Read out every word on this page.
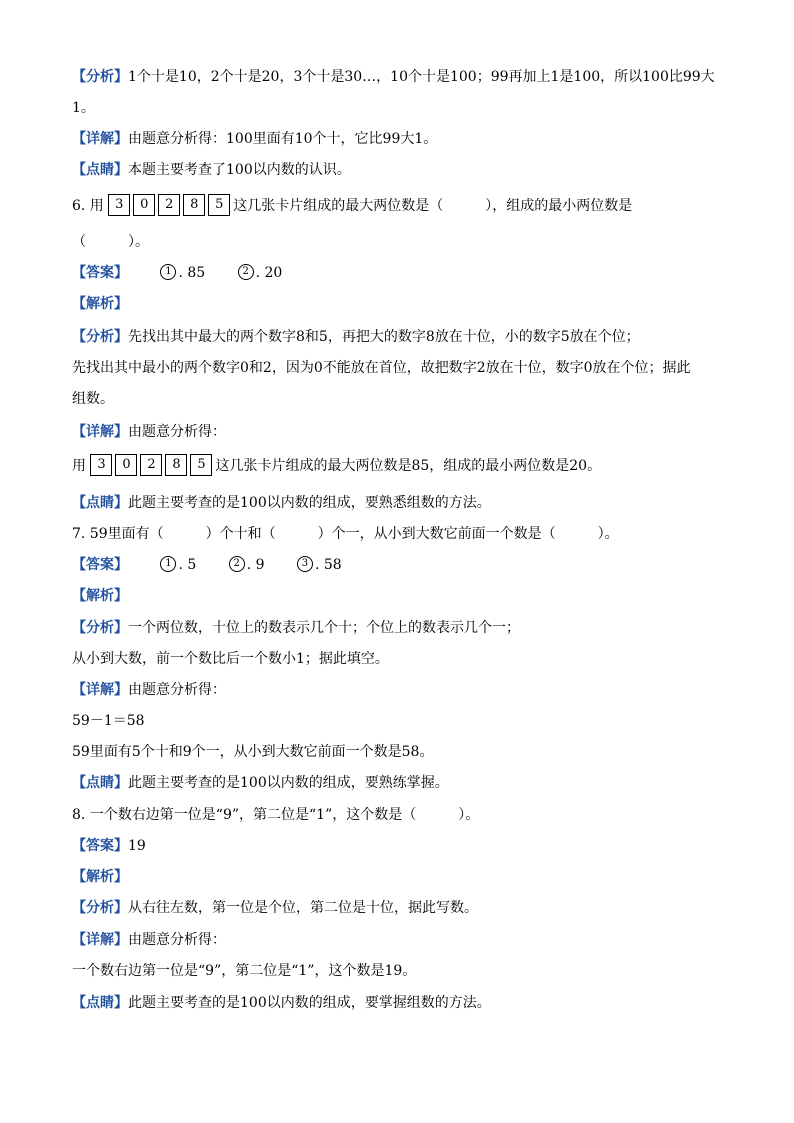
【分析】1个十是10，2个十是20，3个十是30…，10个十是100；99再加上1是100，所以100比99大
1。
【详解】由题意分析得：100里面有10个十，它比99大1。
【点睛】本题主要考查了100以内数的认识。
6. 用 3 0 2 8 5 这几张卡片组成的最大两位数是（　　　），组成的最小两位数是
（　　　）。
【答案】	1 . 85	2 . 20
【解析】
【分析】先找出其中最大的两个数字8和5，再把大的数字8放在十位，小的数字5放在个位；
先找出其中最小的两个数字0和2，因为0不能放在首位，故把数字2放在十位，数字0放在个位；据此
组数。
【详解】由题意分析得：
用 3 0 2 8 5 这几张卡片组成的最大两位数是85，组成的最小两位数是20。
【点睛】此题主要考查的是100以内数的组成，要熟悉组数的方法。
7. 59里面有（　　　）个十和（　　　）个一，从小到大数它前面一个数是（　　　）。
【答案】	1 . 5	2 . 9	3 . 58
【解析】
【分析】一个两位数，十位上的数表示几个十；个位上的数表示几个一；
从小到大数，前一个数比后一个数小1；据此填空。
【详解】由题意分析得：
59－1＝58
59里面有5个十和9个一，从小到大数它前面一个数是58。
【点睛】此题主要考查的是100以内数的组成，要熟练掌握。
8. 一个数右边第一位是“9”，第二位是“1”，这个数是（　　　）。
【答案】19
【解析】
【分析】从右往左数，第一位是个位，第二位是十位，据此写数。
【详解】由题意分析得：
一个数右边第一位是“9”，第二位是“1”，这个数是19。
【点睛】此题主要考查的是100以内数的组成，要掌握组数的方法。
